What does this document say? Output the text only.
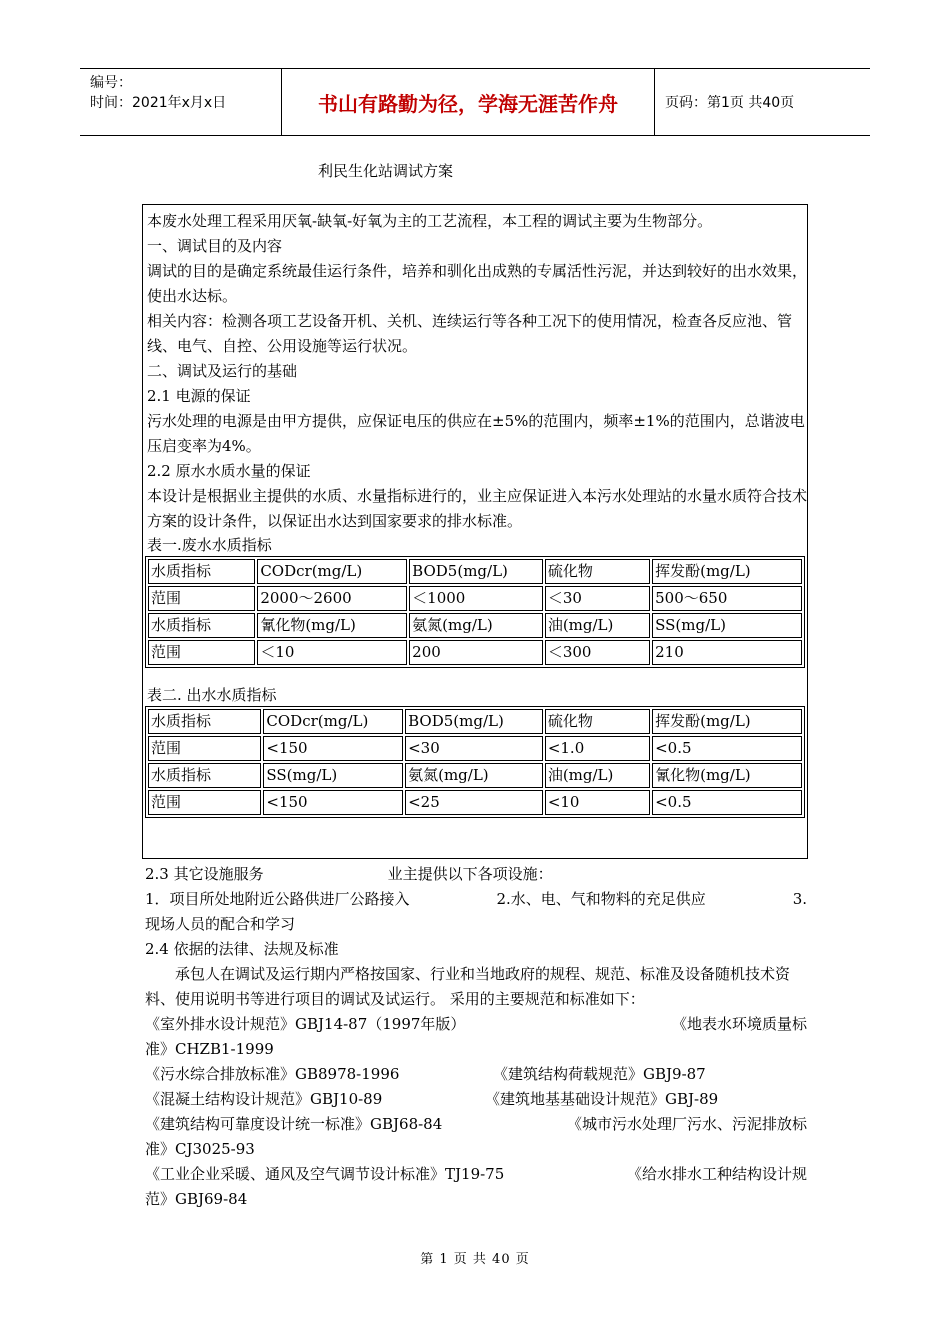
编号：
时间：2021年x月x日	书山有路勤为径，学海无涯苦作舟	页码：第1页 共40页
利民生化站调试方案

本废水处理工程采用厌氧-缺氧-好氧为主的工艺流程，本工程的调试主要为生物部分。

一、调试目的及内容

调试的目的是确定系统最佳运行条件，培养和驯化出成熟的专属活性污泥，并达到较好的出水效果，使出水达标。

相关内容：检测各项工艺设备开机、关机、连续运行等各种工况下的使用情况，检查各反应池、管线、电气、自控、公用设施等运行状况。

二、调试及运行的基础

2.1 电源的保证

污水处理的电源是由甲方提供，应保证电压的供应在±5%的范围内，频率±1%的范围内，总谐波电压启变率为4%。

2.2 原水水质水量的保证

本设计是根据业主提供的水质、水量指标进行的，业主应保证进入本污水处理站的水量水质符合技术方案的设计条件，以保证出水达到国家要求的排水标准。

表一.废水水质指标

水质指标	CODcr(mg/L)	BOD5(mg/L)	硫化物	挥发酚(mg/L)
范围	2000～2600	＜1000	＜30	500～650
水质指标	氰化物(mg/L)	氨氮(mg/L)	油(mg/L)	SS(mg/L)
范围	＜10	200	＜300	210

表二. 出水水质指标

水质指标	CODcr(mg/L)	BOD5(mg/L)	硫化物	挥发酚(mg/L)
范围	<150	<30	<1.0	<0.5
水质指标	SS(mg/L)	氨氮(mg/L)	油(mg/L)	氰化物(mg/L)
范围	<150	<25	<10	<0.5

2.3 其它设施服务	业主提供以下各项设施：

1．项目所处地附近公路供进厂公路接入	2.水、电、气和物料的充足供应	3.

现场人员的配合和学习

2.4 依据的法律、法规及标准

承包人在调试及运行期内严格按国家、行业和当地政府的规程、规范、标准及设备随机技术资料、使用说明书等进行项目的调试及试运行。 采用的主要规范和标准如下：

《室外排水设计规范》GBJ14-87（1997年版）	《地表水环境质量标

准》CHZB1-1999

《污水综合排放标准》GB8978-1996	《建筑结构荷载规范》GBJ9-87

《混凝土结构设计规范》GBJ10-89	《建筑地基基础设计规范》GBJ-89

《建筑结构可靠度设计统一标准》GBJ68-84	《城市污水处理厂污水、污泥排放标

准》CJ3025-93

《工业企业采暖、通风及空气调节设计标准》TJ19-75	《给水排水工种结构设计规

范》GBJ69-84

第 1 页 共 40 页
